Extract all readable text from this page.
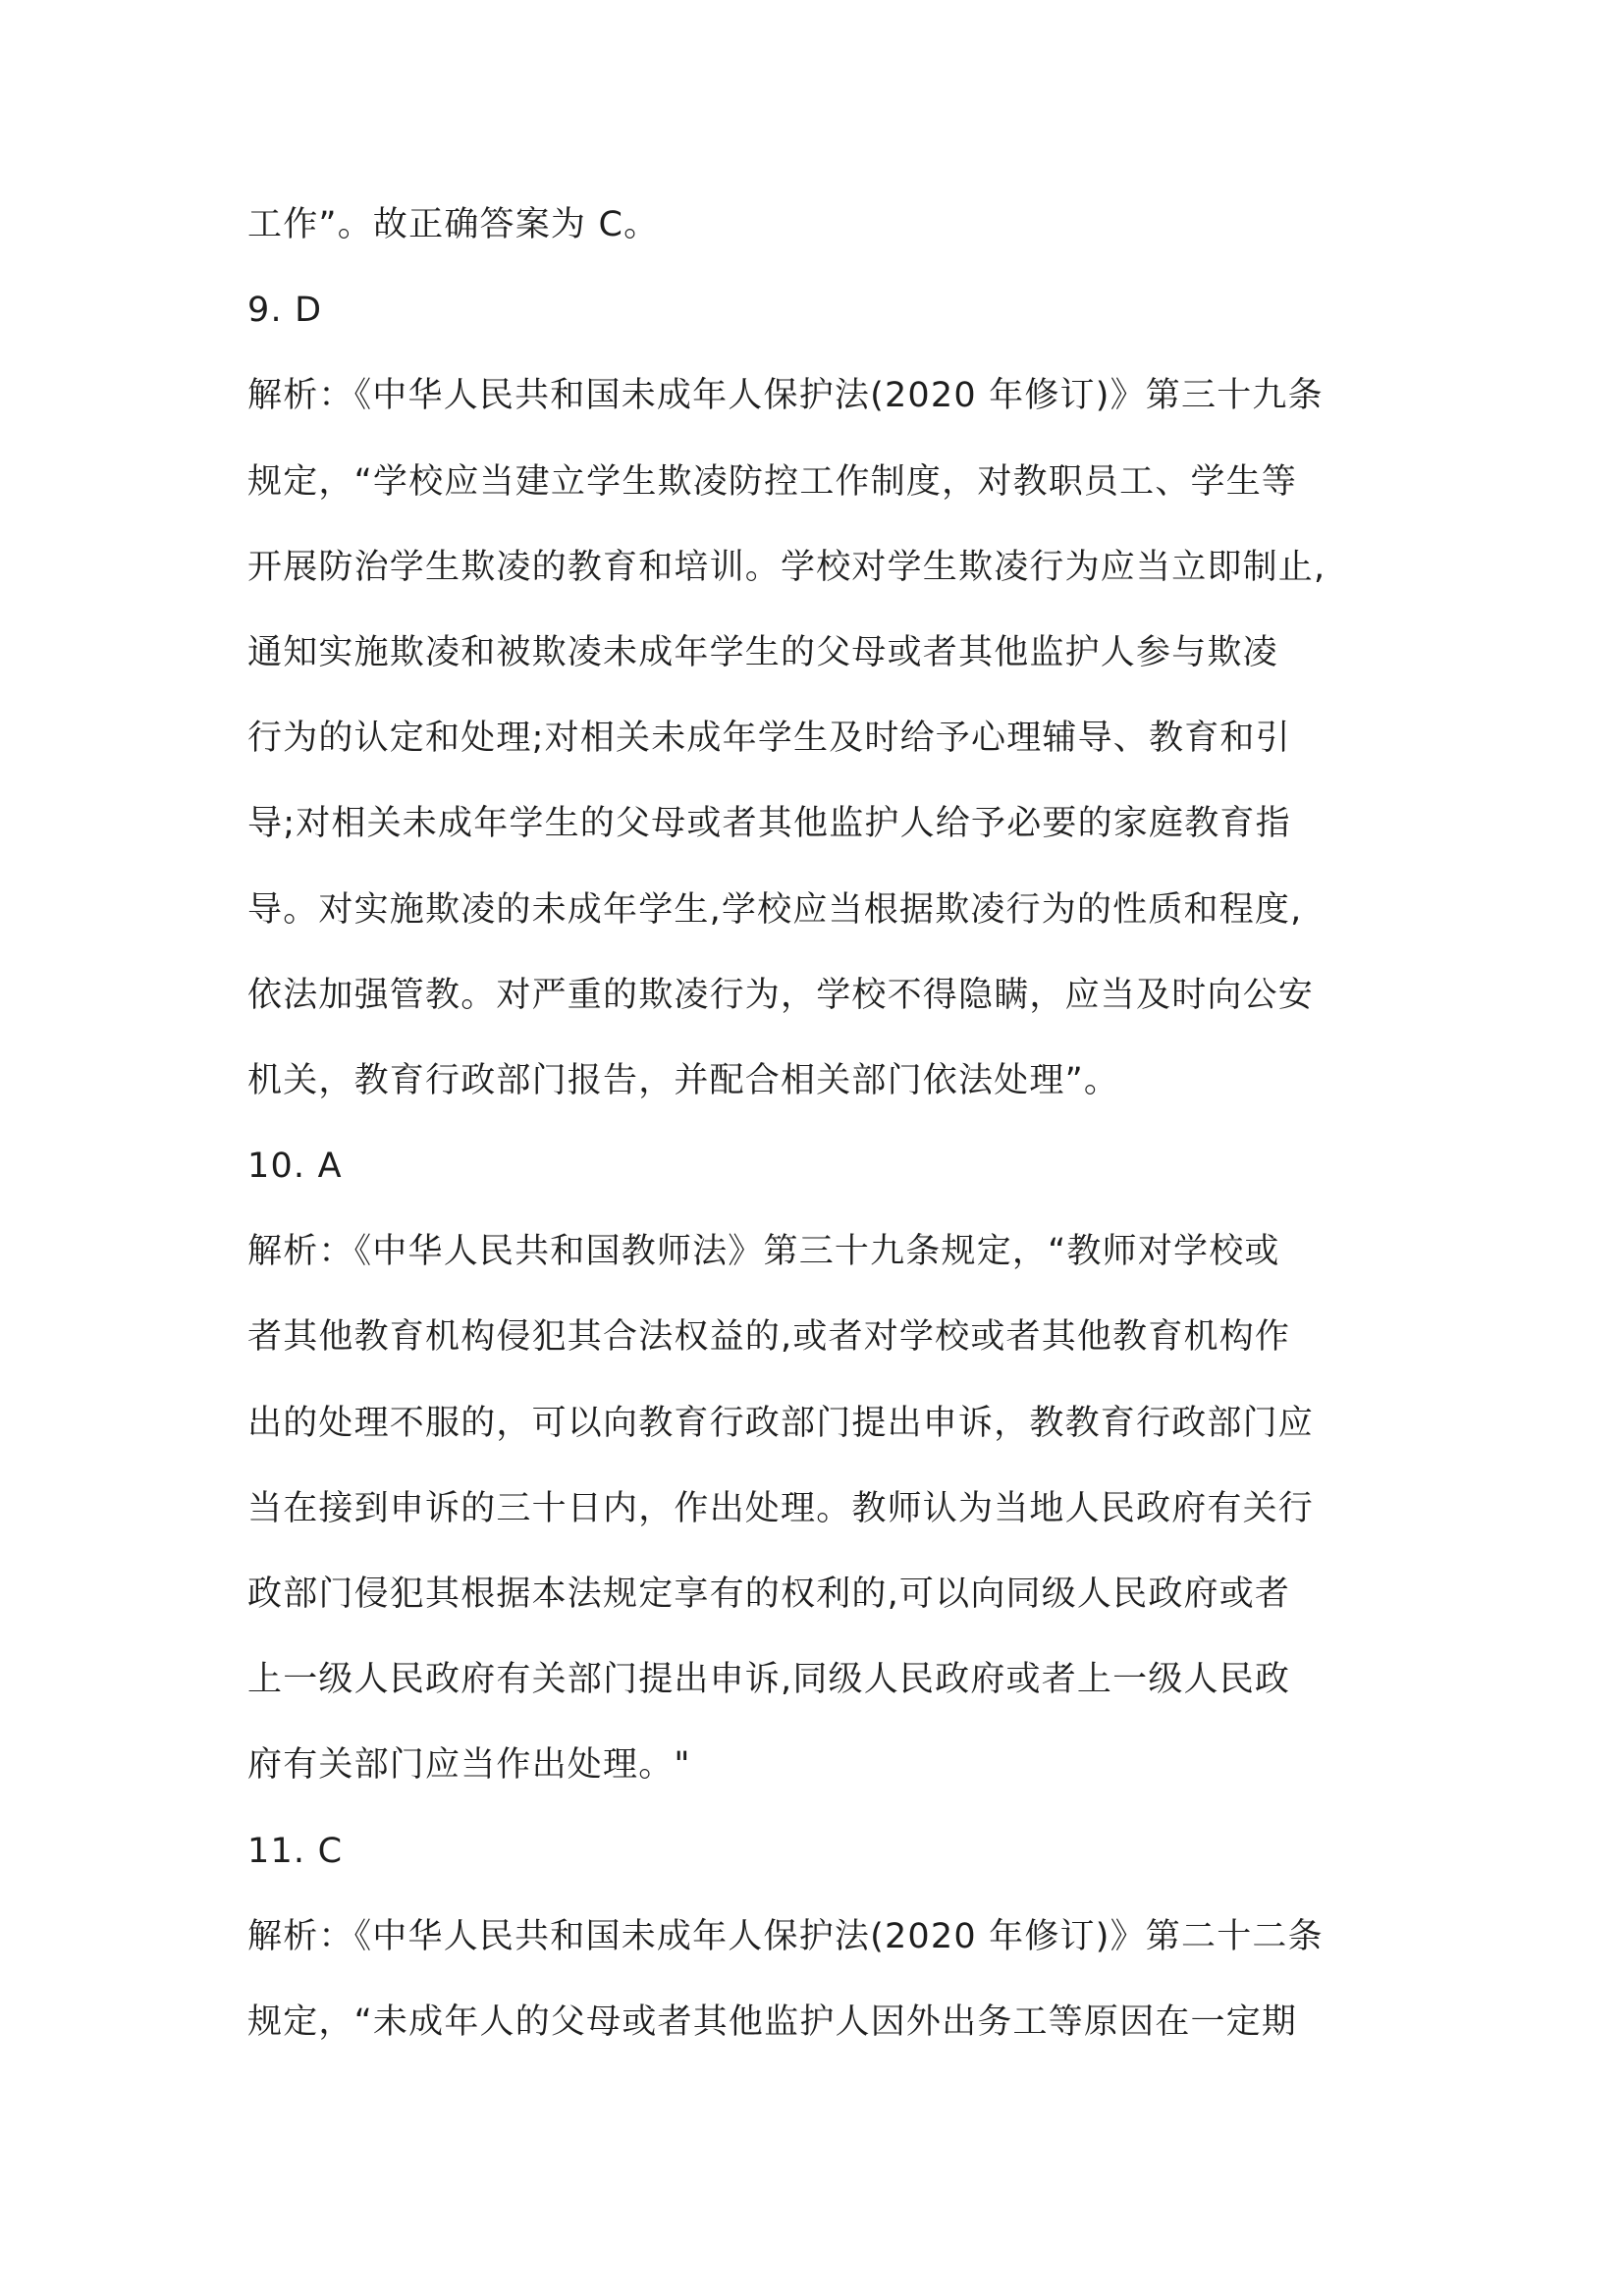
工作”。故正确答案为 C。
9. D
解析：《中华人民共和国未成年人保护法(2020 年修订)》第三十九条
规定，“学校应当建立学生欺凌防控工作制度，对教职员工、学生等
开展防治学生欺凌的教育和培训。学校对学生欺凌行为应当立即制止,
通知实施欺凌和被欺凌未成年学生的父母或者其他监护人参与欺凌
行为的认定和处理;对相关未成年学生及时给予心理辅导、教育和引
导;对相关未成年学生的父母或者其他监护人给予必要的家庭教育指
导。对实施欺凌的未成年学生,学校应当根据欺凌行为的性质和程度,
依法加强管教。对严重的欺凌行为，学校不得隐瞒，应当及时向公安
机关，教育行政部门报告，并配合相关部门依法处理”。
10. A
解析：《中华人民共和国教师法》第三十九条规定，“教师对学校或
者其他教育机构侵犯其合法权益的,或者对学校或者其他教育机构作
出的处理不服的，可以向教育行政部门提出申诉，教教育行政部门应
当在接到申诉的三十日内，作出处理。教师认为当地人民政府有关行
政部门侵犯其根据本法规定享有的权利的,可以向同级人民政府或者
上一级人民政府有关部门提出申诉,同级人民政府或者上一级人民政
府有关部门应当作出处理。"
11. C
解析：《中华人民共和国未成年人保护法(2020 年修订)》第二十二条
规定，“未成年人的父母或者其他监护人因外出务工等原因在一定期
